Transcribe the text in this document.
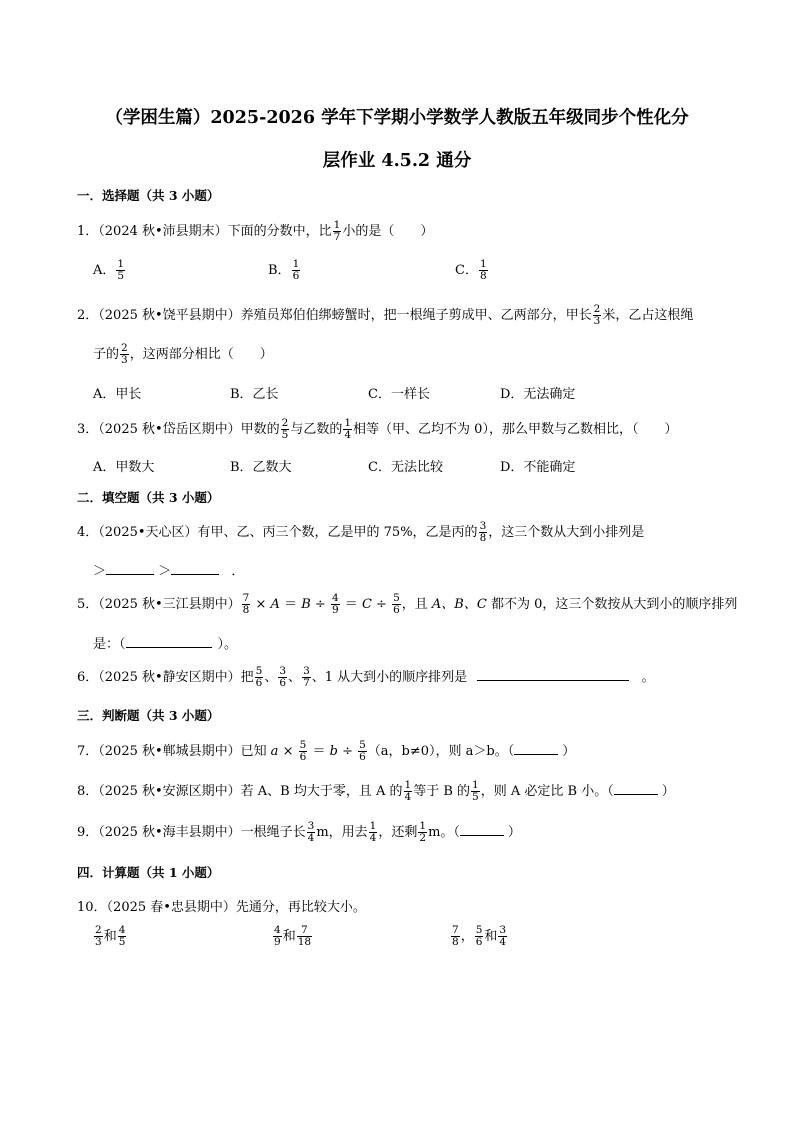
（学困生篇）2025-2026 学年下学期小学数学人教版五年级同步个性化分
层作业 4.5.2 通分
一．选择题（共 3 小题）
1．（2024 秋•沛县期末）下面的分数中，比 $\frac{1}{7}$ 小的是（　　）
A． $\frac{1}{5}$	B． $\frac{1}{6}$	C． $\frac{1}{8}$
2．（2025 秋•饶平县期中）养殖员郑伯伯绑螃蟹时，把一根绳子剪成甲、乙两部分，甲长 $\frac{2}{3}$ 米，乙占这根绳
子的 $\frac{2}{3}$ ，这两部分相比（　　）
A．甲长	B．乙长	C．一样长	D．无法确定
3．（2025 秋•岱岳区期中）甲数的 $\frac{2}{5}$ 与乙数的 $\frac{1}{4}$ 相等（甲、乙均不为 0），那么甲数与乙数相比，（　　）
A．甲数大	B．乙数大	C．无法比较	D．不能确定
二．填空题（共 3 小题）
4．（2025•天心区）有甲、乙、丙三个数，乙是甲的 75%，乙是丙的 $\frac{3}{8}$ ，这三个数从大到小排列是
＞	＞	．
5．（2025 秋•三江县期中） $\frac{7}{8} \times A = B \div \frac{4}{9} = C \div \frac{5}{6}$ ，且 A、B、C 都不为 0，这三个数按从大到小的顺序排列
是：（	）。
6．（2025 秋•静安区期中）把 $\frac{5}{6}$ 、 $\frac{3}{6}$ 、 $\frac{3}{7}$ 、1 从大到小的顺序排列是	。
三．判断题（共 3 小题）
7．（2025 秋•郸城县期中）已知 $a \times \frac{5}{6} = b \div \frac{5}{6} (a$，b≠0），则 a＞b。（	）
8．（2025 秋•安源区期中）若 A、B 均大于零，且 A 的 $\frac{1}{4}$ 等于 B 的 $\frac{1}{5}$ ，则 A 必定比 B 小。（	）
9．（2025 秋•海丰县期中）一根绳子长 $\frac{3}{4}$ m，用去 $\frac{1}{4}$ ，还剩 $\frac{1}{2}$ m。（	）
四．计算题（共 1 小题）
10．（2025 春•忠县期中）先通分，再比较大小。
$\frac{2}{3}$ 和 $\frac{4}{5}$	$\frac{4}{9}$ 和 $\frac{7}{18}$	$\frac{7}{8}$ ， $\frac{5}{6}$ 和 $\frac{3}{4}$
